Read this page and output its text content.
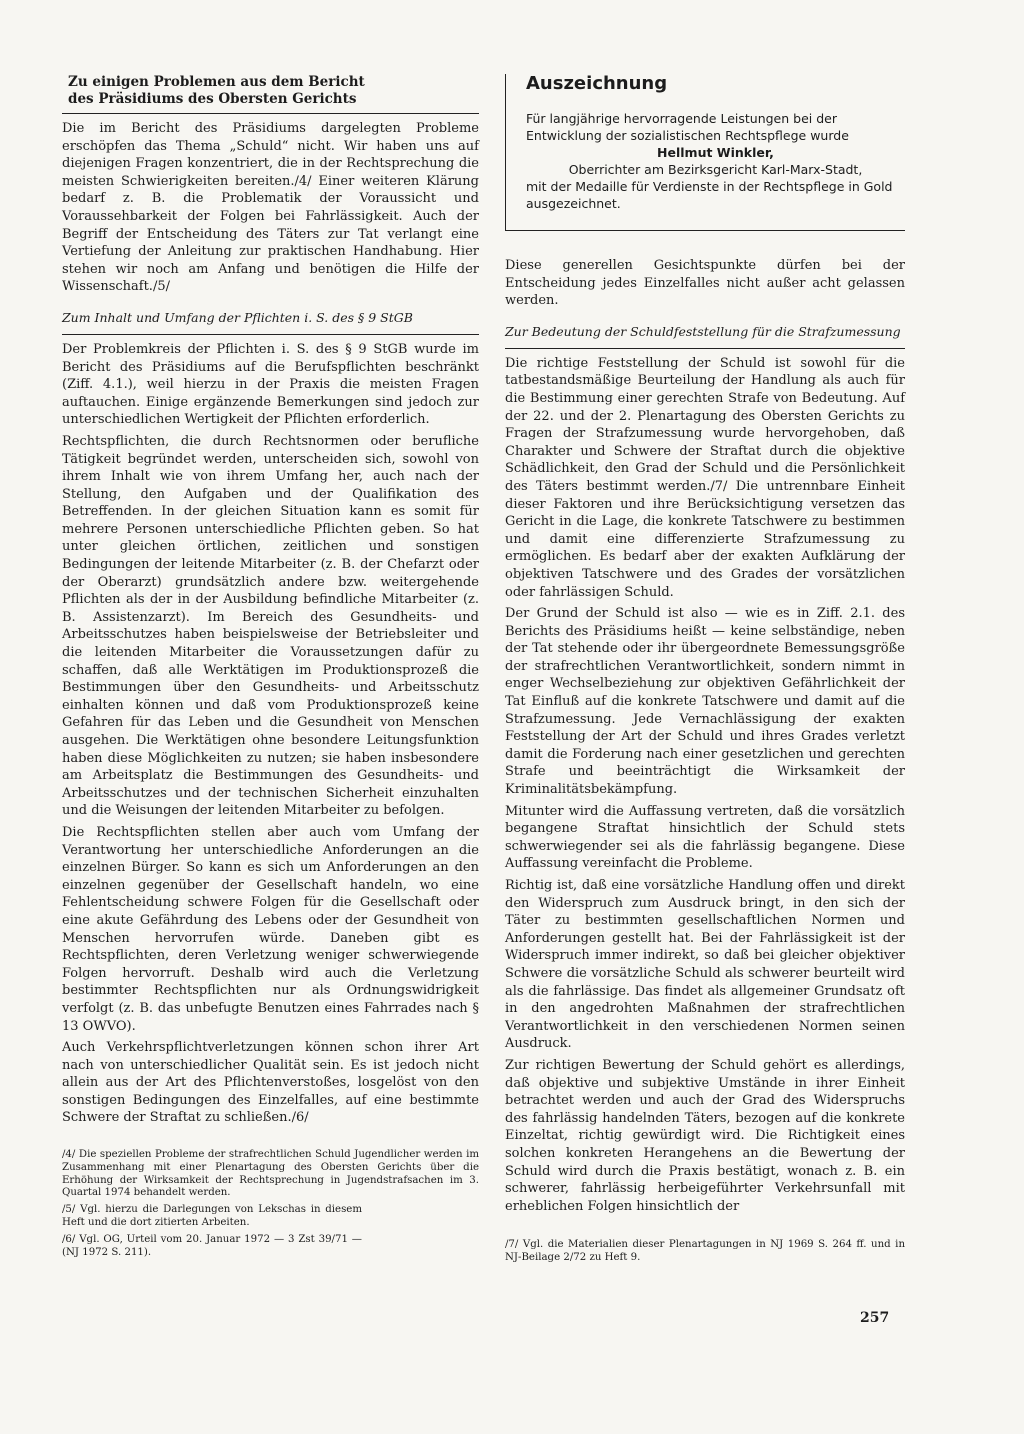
Zu einigen Problemen aus dem Bericht
des Präsidiums des Obersten Gerichts

Die im Bericht des Präsidiums dargelegten Probleme erschöpfen das Thema „Schuld“ nicht. Wir haben uns auf diejenigen Fragen konzentriert, die in der Rechtsprechung die meisten Schwierigkeiten bereiten./4/ Einer weiteren Klärung bedarf z. B. die Problematik der Voraussicht und Voraussehbarkeit der Folgen bei Fahrlässigkeit. Auch der Begriff der Entscheidung des Täters zur Tat verlangt eine Vertiefung der Anleitung zur praktischen Handhabung. Hier stehen wir noch am Anfang und benötigen die Hilfe der Wissenschaft./5/

Zum Inhalt und Umfang der Pflichten i. S. des § 9 StGB

Der Problemkreis der Pflichten i. S. des § 9 StGB wurde im Bericht des Präsidiums auf die Berufspflichten beschränkt (Ziff. 4.1.), weil hierzu in der Praxis die meisten Fragen auftauchen. Einige ergänzende Bemerkungen sind jedoch zur unterschiedlichen Wertigkeit der Pflichten erforderlich.

Rechtspflichten, die durch Rechtsnormen oder berufliche Tätigkeit begründet werden, unterscheiden sich, sowohl von ihrem Inhalt wie von ihrem Umfang her, auch nach der Stellung, den Aufgaben und der Qualifikation des Betreffenden. In der gleichen Situation kann es somit für mehrere Personen unterschiedliche Pflichten geben. So hat unter gleichen örtlichen, zeitlichen und sonstigen Bedingungen der leitende Mitarbeiter (z. B. der Chefarzt oder der Oberarzt) grundsätzlich andere bzw. weitergehende Pflichten als der in der Ausbildung befindliche Mitarbeiter (z. B. Assistenzarzt). Im Bereich des Gesundheits- und Arbeitsschutzes haben beispielsweise der Betriebsleiter und die leitenden Mitarbeiter die Voraussetzungen dafür zu schaffen, daß alle Werktätigen im Produktionsprozeß die Bestimmungen über den Gesundheits- und Arbeitsschutz einhalten können und daß vom Produktionsprozeß keine Gefahren für das Leben und die Gesundheit von Menschen ausgehen. Die Werktätigen ohne besondere Leitungsfunktion haben diese Möglichkeiten zu nutzen; sie haben insbesondere am Arbeitsplatz die Bestimmungen des Gesundheits- und Arbeitsschutzes und der technischen Sicherheit einzuhalten und die Weisungen der leitenden Mitarbeiter zu befolgen.

Die Rechtspflichten stellen aber auch vom Umfang der Verantwortung her unterschiedliche Anforderungen an die einzelnen Bürger. So kann es sich um Anforderungen an den einzelnen gegenüber der Gesellschaft handeln, wo eine Fehlentscheidung schwere Folgen für die Gesellschaft oder eine akute Gefährdung des Lebens oder der Gesundheit von Menschen hervorrufen würde. Daneben gibt es Rechtspflichten, deren Verletzung weniger schwerwiegende Folgen hervorruft. Deshalb wird auch die Verletzung bestimmter Rechtspflichten nur als Ordnungswidrigkeit verfolgt (z. B. das unbefugte Benutzen eines Fahrrades nach § 13 OWVO).

Auch Verkehrspflichtverletzungen können schon ihrer Art nach von unterschiedlicher Qualität sein. Es ist jedoch nicht allein aus der Art des Pflichtenverstoßes, losgelöst von den sonstigen Bedingungen des Einzelfalles, auf eine bestimmte Schwere der Straftat zu schließen./6/

/4/ Die speziellen Probleme der strafrechtlichen Schuld Jugendlicher werden im Zusammenhang mit einer Plenartagung des Obersten Gerichts über die Erhöhung der Wirksamkeit der Rechtsprechung in Jugendstrafsachen im 3. Quartal 1974 behandelt werden.

/5/ Vgl. hierzu die Darlegungen von Lekschas in diesem Heft und die dort zitierten Arbeiten.

/6/ Vgl. OG, Urteil vom 20. Januar 1972 — 3 Zst 39/71 — (NJ 1972 S. 211).

Auszeichnung

Für langjährige hervorragende Leistungen bei der Entwicklung der sozialistischen Rechtspflege wurde

Hellmut Winkler,

Oberrichter am Bezirksgericht Karl-Marx-Stadt,

mit der Medaille für Verdienste in der Rechtspflege in Gold ausgezeichnet.

Diese generellen Gesichtspunkte dürfen bei der Entscheidung jedes Einzelfalles nicht außer acht gelassen werden.

Zur Bedeutung der Schuldfeststellung für die Strafzumessung

Die richtige Feststellung der Schuld ist sowohl für die tatbestandsmäßige Beurteilung der Handlung als auch für die Bestimmung einer gerechten Strafe von Bedeutung. Auf der 22. und der 2. Plenartagung des Obersten Gerichts zu Fragen der Strafzumessung wurde hervorgehoben, daß Charakter und Schwere der Straftat durch die objektive Schädlichkeit, den Grad der Schuld und die Persönlichkeit des Täters bestimmt werden./7/ Die untrennbare Einheit dieser Faktoren und ihre Berücksichtigung versetzen das Gericht in die Lage, die konkrete Tatschwere zu bestimmen und damit eine differenzierte Strafzumessung zu ermöglichen. Es bedarf aber der exakten Aufklärung der objektiven Tatschwere und des Grades der vorsätzlichen oder fahrlässigen Schuld.

Der Grund der Schuld ist also — wie es in Ziff. 2.1. des Berichts des Präsidiums heißt — keine selbständige, neben der Tat stehende oder ihr übergeordnete Bemessungsgröße der strafrechtlichen Verantwortlichkeit, sondern nimmt in enger Wechselbeziehung zur objektiven Gefährlichkeit der Tat Einfluß auf die konkrete Tatschwere und damit auf die Strafzumessung. Jede Vernachlässigung der exakten Feststellung der Art der Schuld und ihres Grades verletzt damit die Forderung nach einer gesetzlichen und gerechten Strafe und beeinträchtigt die Wirksamkeit der Kriminalitätsbekämpfung.

Mitunter wird die Auffassung vertreten, daß die vorsätzlich begangene Straftat hinsichtlich der Schuld stets schwerwiegender sei als die fahrlässig begangene. Diese Auffassung vereinfacht die Probleme.

Richtig ist, daß eine vorsätzliche Handlung offen und direkt den Widerspruch zum Ausdruck bringt, in den sich der Täter zu bestimmten gesellschaftlichen Normen und Anforderungen gestellt hat. Bei der Fahrlässigkeit ist der Widerspruch immer indirekt, so daß bei gleicher objektiver Schwere die vorsätzliche Schuld als schwerer beurteilt wird als die fahrlässige. Das findet als allgemeiner Grundsatz oft in den angedrohten Maßnahmen der strafrechtlichen Verantwortlichkeit in den verschiedenen Normen seinen Ausdruck.

Zur richtigen Bewertung der Schuld gehört es allerdings, daß objektive und subjektive Umstände in ihrer Einheit betrachtet werden und auch der Grad des Widerspruchs des fahrlässig handelnden Täters, bezogen auf die konkrete Einzeltat, richtig gewürdigt wird. Die Richtigkeit eines solchen konkreten Herangehens an die Bewertung der Schuld wird durch die Praxis bestätigt, wonach z. B. ein schwerer, fahrlässig herbeigeführter Verkehrsunfall mit erheblichen Folgen hinsichtlich der

/7/ Vgl. die Materialien dieser Plenartagungen in NJ 1969 S. 264 ff. und in NJ-Beilage 2/72 zu Heft 9.

257
